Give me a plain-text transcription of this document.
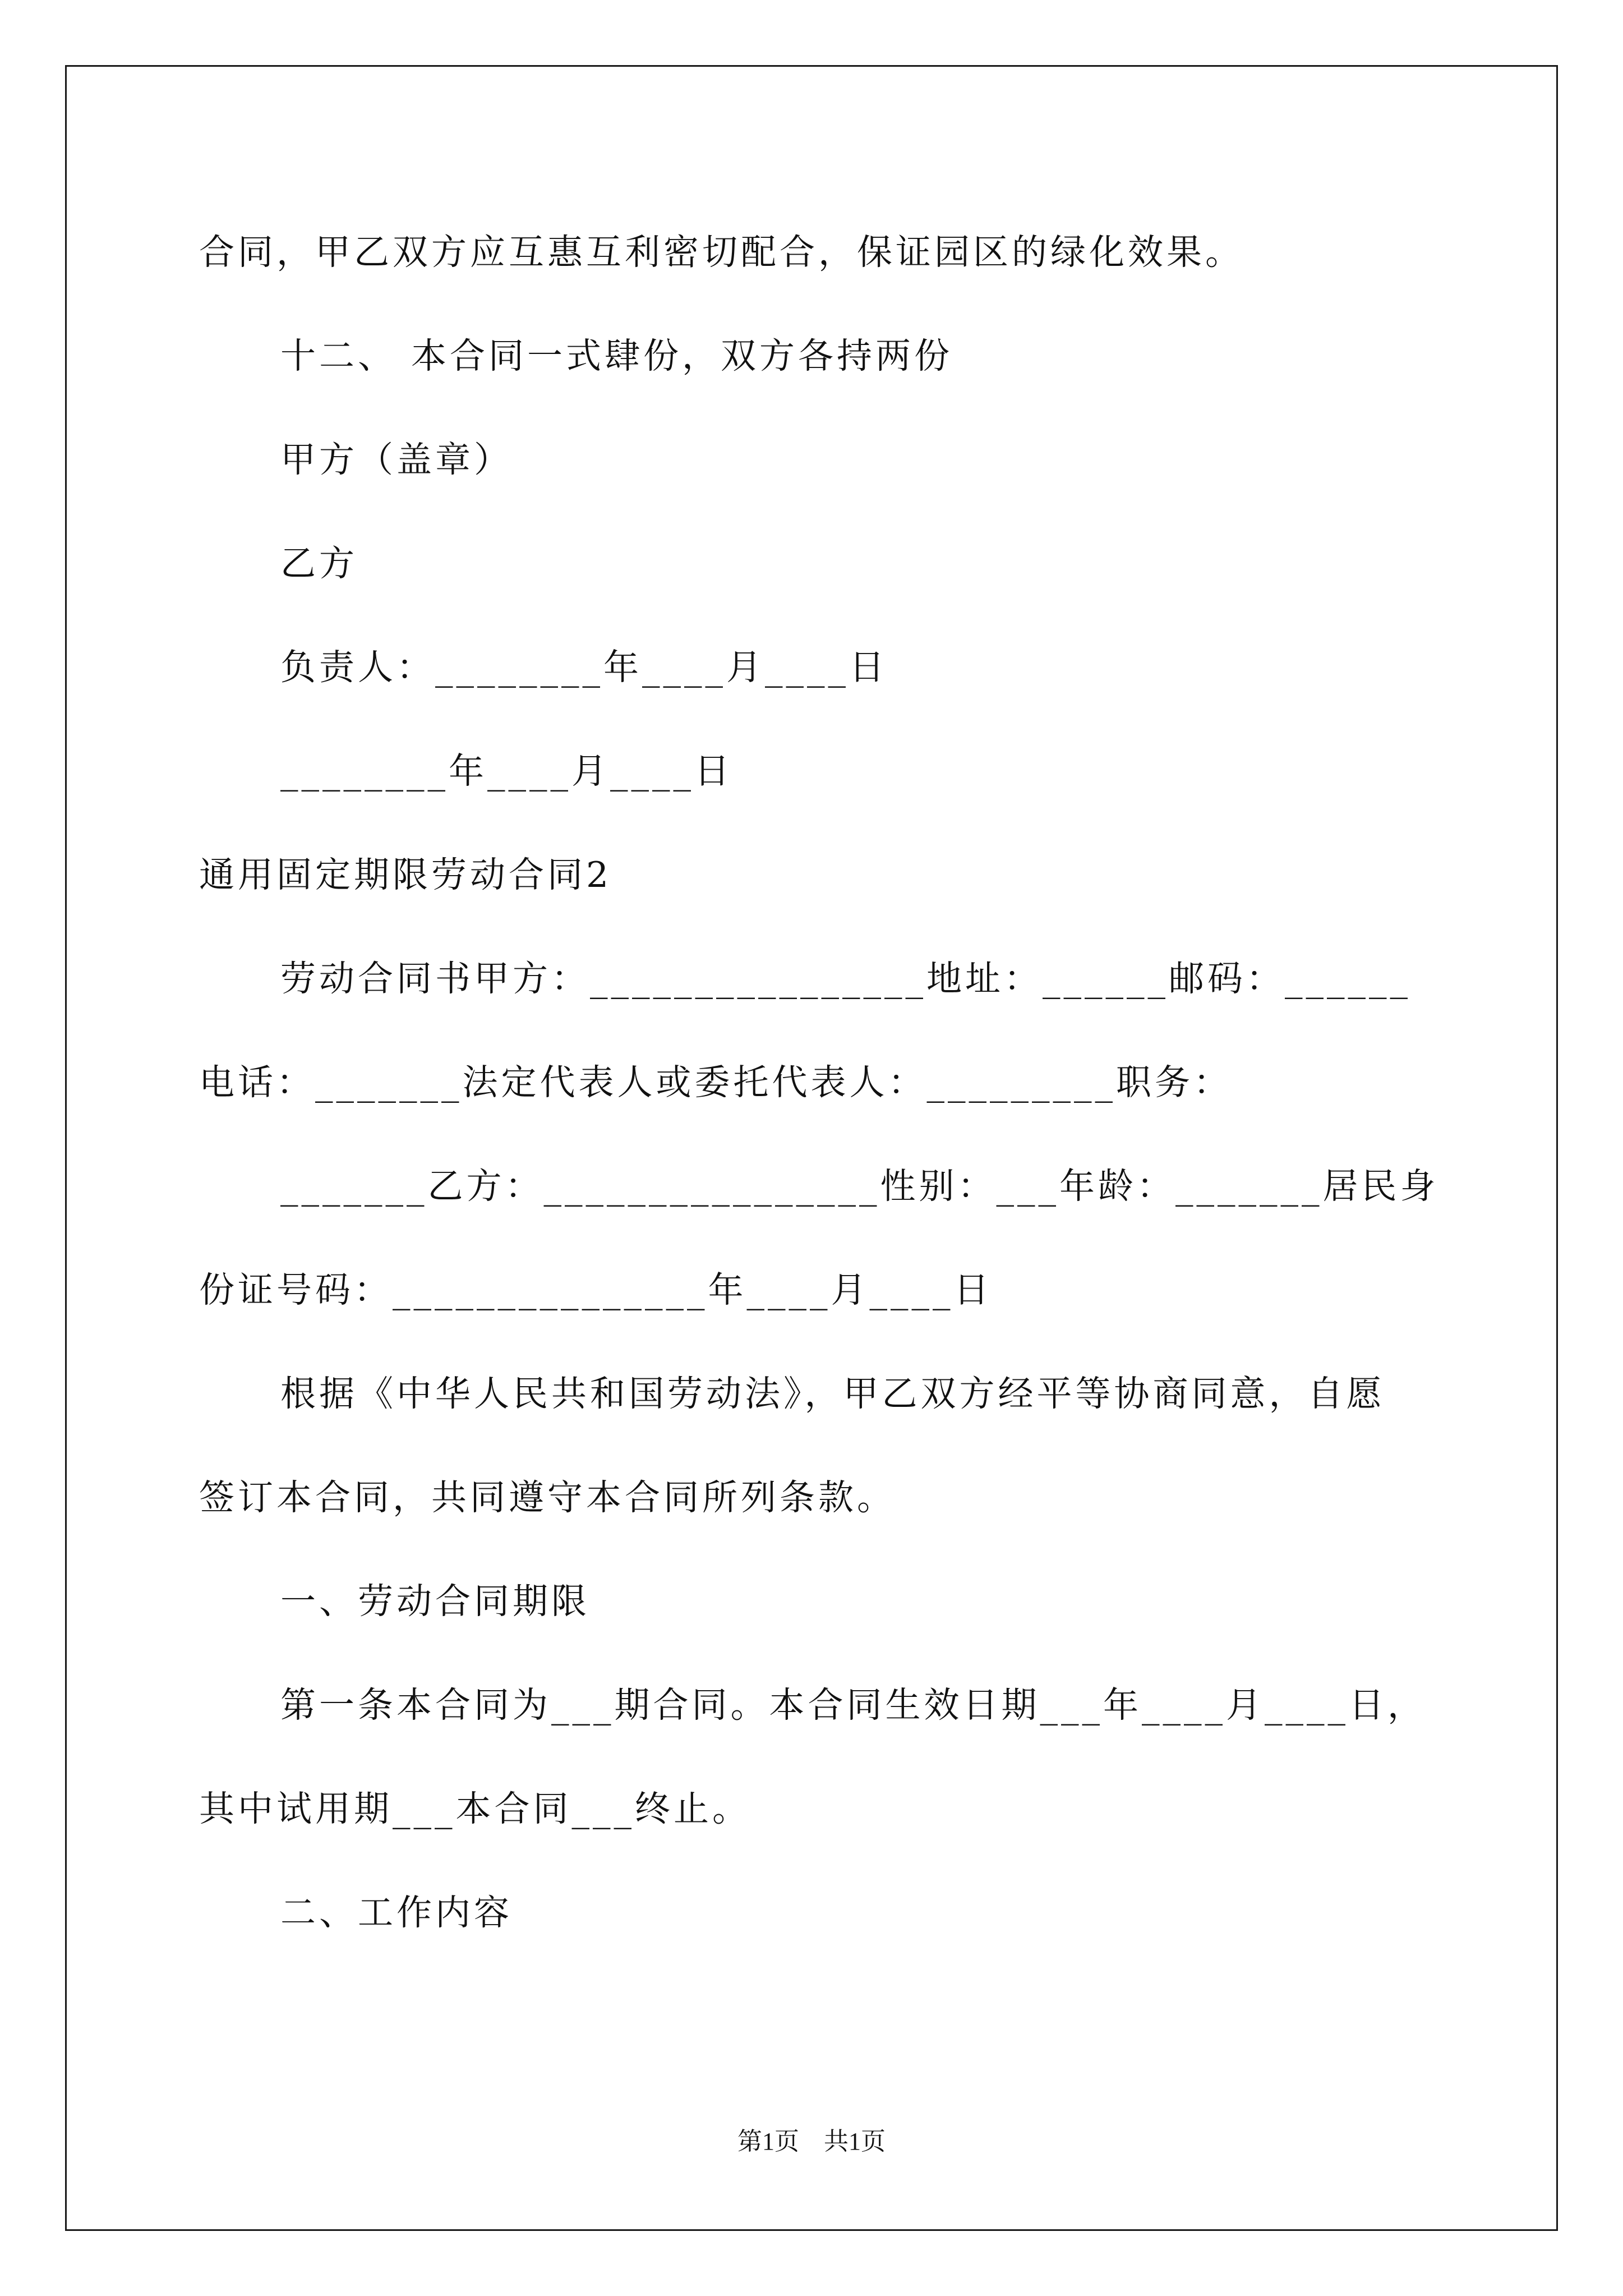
合同，甲乙双方应互惠互利密切配合，保证园区的绿化效果。
十二、 本合同一式肆份，双方各持两份
甲方（盖章）
乙方
负责人：________年____月____日
________年____月____日
通用固定期限劳动合同2
劳动合同书甲方：________________地址：______邮码：______
电话：_______法定代表人或委托代表人：_________职务：
_______乙方：________________性别：___年龄：_______居民身
份证号码：_______________年____月____日
根据《中华人民共和国劳动法》，甲乙双方经平等协商同意，自愿
签订本合同，共同遵守本合同所列条款。
一、劳动合同期限
第一条本合同为___期合同。本合同生效日期___年____月____日，
其中试用期___本合同___终止。
二、工作内容
第1页　共1页
